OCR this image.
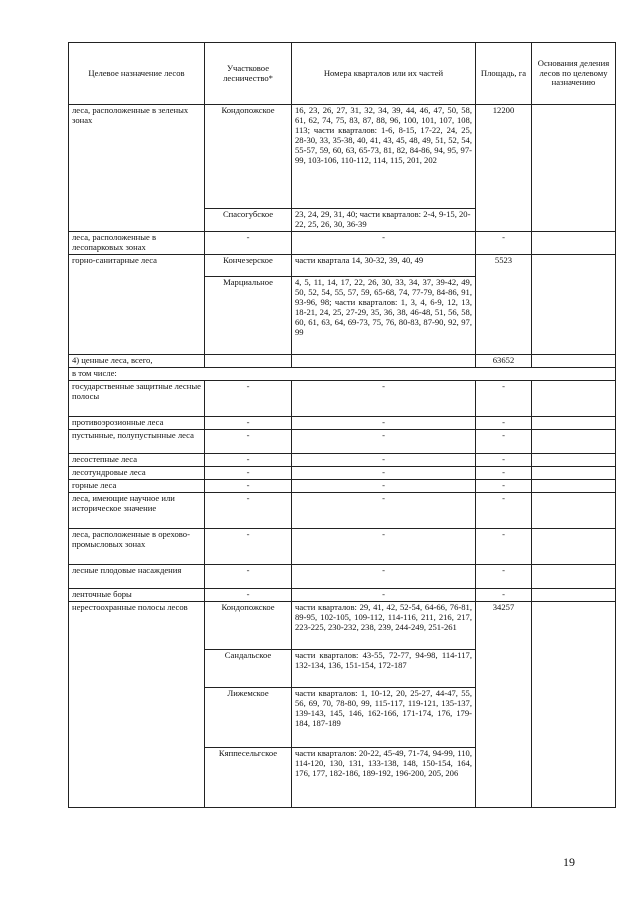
Целевое назначение лесов	Участковое лесничество*	Номера кварталов или их частей	Площадь, га	Основания деления лесов по целевому назначению
леса, расположенные в зеленых зонах	Кондопожское	16, 23, 26, 27, 31, 32, 34, 39, 44, 46, 47, 50, 58, 61, 62, 74, 75, 83, 87, 88, 96, 100, 101, 107, 108, 113; части кварталов: 1-6, 8-15, 17-22, 24, 25, 28-30, 33, 35-38, 40, 41, 43, 45, 48, 49, 51, 52, 54, 55-57, 59, 60, 63, 65-73, 81, 82, 84-86, 94, 95, 97-99, 103-106, 110-112, 114, 115, 201, 202	12200	
	Спасогубское	23, 24, 29, 31, 40; части кварталов: 2-4, 9-15, 20-22, 25, 26, 30, 36-39		
леса, расположенные в лесопарковых зонах	-	-	-	
горно-санитарные леса	Кончезерское	части квартала 14, 30-32, 39, 40, 49	5523	
	Марциальное	4, 5, 11, 14, 17, 22, 26, 30, 33, 34, 37, 39-42, 49, 50, 52, 54, 55, 57, 59, 65-68, 74, 77-79, 84-86, 91, 93-96, 98; части кварталов: 1, 3, 4, 6-9, 12, 13, 18-21, 24, 25, 27-29, 35, 36, 38, 46-48, 51, 56, 58, 60, 61, 63, 64, 69-73, 75, 76, 80-83, 87-90, 92, 97, 99		
4) ценные леса, всего,			63652	
в том числе:				
государственные защитные лесные полосы	-	-	-	
противоэрозионные леса	-	-	-	
пустынные, полупустынные леса	-	-	-	
лесостепные леса	-	-	-	
лесотундровые леса	-	-	-	
горные леса	-	-	-	
леса, имеющие научное или историческое значение	-	-	-	
леса, расположенные в орехово-промысловых зонах	-	-	-	
лесные плодовые насаждения	-	-	-	
ленточные боры	-	-	-	
нерестоохранные полосы лесов	Кондопожское	части кварталов: 29, 41, 42, 52-54, 64-66, 76-81, 89-95, 102-105, 109-112, 114-116, 211, 216, 217, 223-225, 230-232, 238, 239, 244-249, 251-261	34257	
	Сандальское	части кварталов: 43-55, 72-77, 94-98, 114-117, 132-134, 136, 151-154, 172-187		
	Лижемское	части кварталов: 1, 10-12, 20, 25-27, 44-47, 55, 56, 69, 70, 78-80, 99, 115-117, 119-121, 135-137, 139-143, 145, 146, 162-166, 171-174, 176, 179-184, 187-189		
	Кяппесельгское	части кварталов: 20-22, 45-49, 71-74, 94-99, 110, 114-120, 130, 131, 133-138, 148, 150-154, 164, 176, 177, 182-186, 189-192, 196-200, 205, 206		
19
